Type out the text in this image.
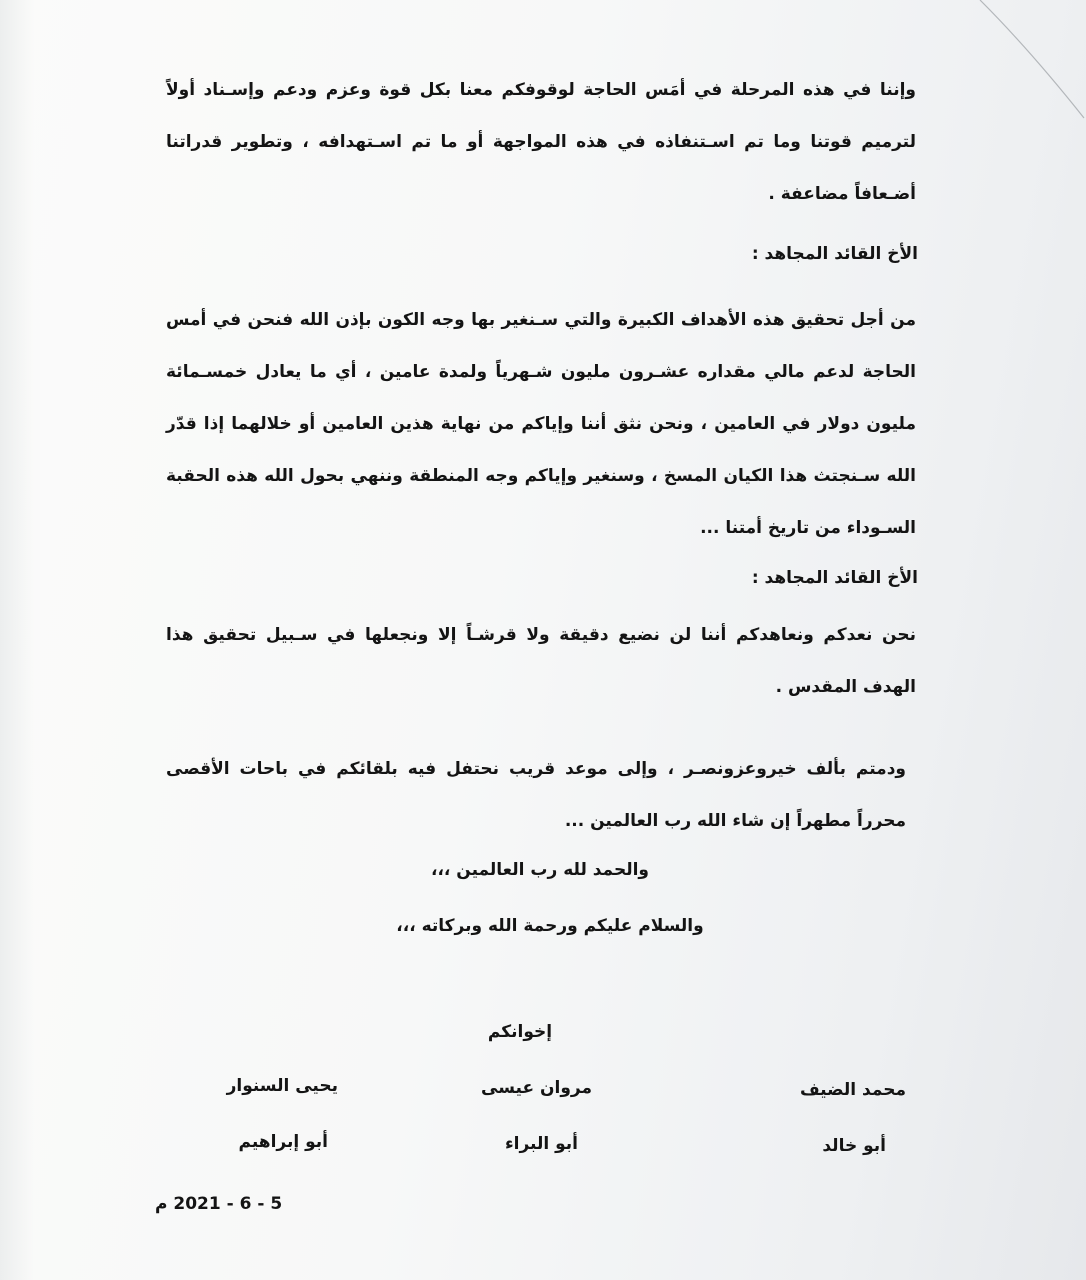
وإننا في هذه المرحلة في أمَس الحاجة لوقوفكم معنا بكل قوة وعزم ودعم وإسـناد أولاً لترميم قوتنا وما تم اسـتنفاذه في هذه المواجهة أو ما تم اسـتهدافه ، وتطوير قدراتنا أضـعافاً مضاعفة .

الأخ القائد المجاهد :

من أجل تحقيق هذه الأهداف الكبيرة والتي سـنغير بها وجه الكون بإذن الله فنحن في أمس الحاجة لدعم مالي مقداره عشـرون مليون شـهرياً ولمدة عامين ، أي ما يعادل خمسـمائة مليون دولار في العامين ، ونحن نثق أننا وإياكم من نهاية هذين العامين أو خلالهما إذا قدّر الله سـنجتث هذا الكيان المسخ ، وسنغير وإياكم وجه المنطقة وننهي بحول الله هذه الحقبة السـوداء من تاريخ أمتنا ...

الأخ القائد المجاهد :

نحن نعدكم ونعاهدكم أننا لن نضيع دقيقة ولا قرشـاً إلا ونجعلها في سـبيل تحقيق هذا الهدف المقدس .

ودمتم بألف خيروعزونصـر ، وإلى موعد قريب نحتفل فيه بلقائكم في باحات الأقصى محرراً مطهراً إن شاء الله رب العالمين ...

والحمد لله رب العالمين ،،،

والسلام عليكم ورحمة الله وبركاته ،،،

إخوانكم

محمد الضيف

مروان عيسى

يحيى السنوار

أبو خالد

أبو البراء

أبو إبراهيم

5 - 6 - 2021 م
